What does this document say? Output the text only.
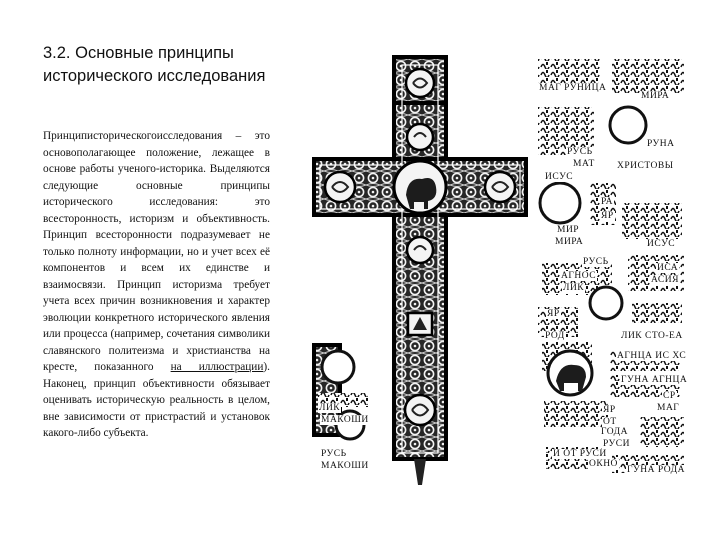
3.2. Основные принципы исторического исследования
Принциписторическогоисследования – это основополагающее положение, лежащее в основе работы ученого-историка. Выделяются следующие основные принципы исторического исследования: это всесторонность, историзм и объективность. Принцип всесторонности подразумевает не только полноту информации, но и учет всех её компонентов и всем их единстве и взаимосвязи. Принцип историзма требует учета всех причин возникновения и характер эволюции конкретного исторического явления или процесса (например, сочетания символики славянского политеизма и христианства на кресте, показанного на иллюстрации). Наконец, принцип объективности обязывает оценивать историческую реальность в целом, вне зависимости от пристрастий и установок какого-либо субъекта.
МАГ РУНИЦА
МИРА
РУНА
РУСЬ
МАТ ХРИСТОВЫ
ИСУС
РА
ЯР
МИР
МИРА	ИСУС
РУСЬ
ИСА
АГНОС	АСИЯ
ЛИК
ЯР
РОД	ЛИК СТО-ЕА
АГНЦА ИС ХС
ГУНА АГНЦА
СР
МАГ
ЛИК
МАКОШИ
ЯР
ОТ
ГОДА
РУСИ
И ОТ РУСИ
ОКНО
РУСЬ
МАКОШИ	ГУНА РОДА
